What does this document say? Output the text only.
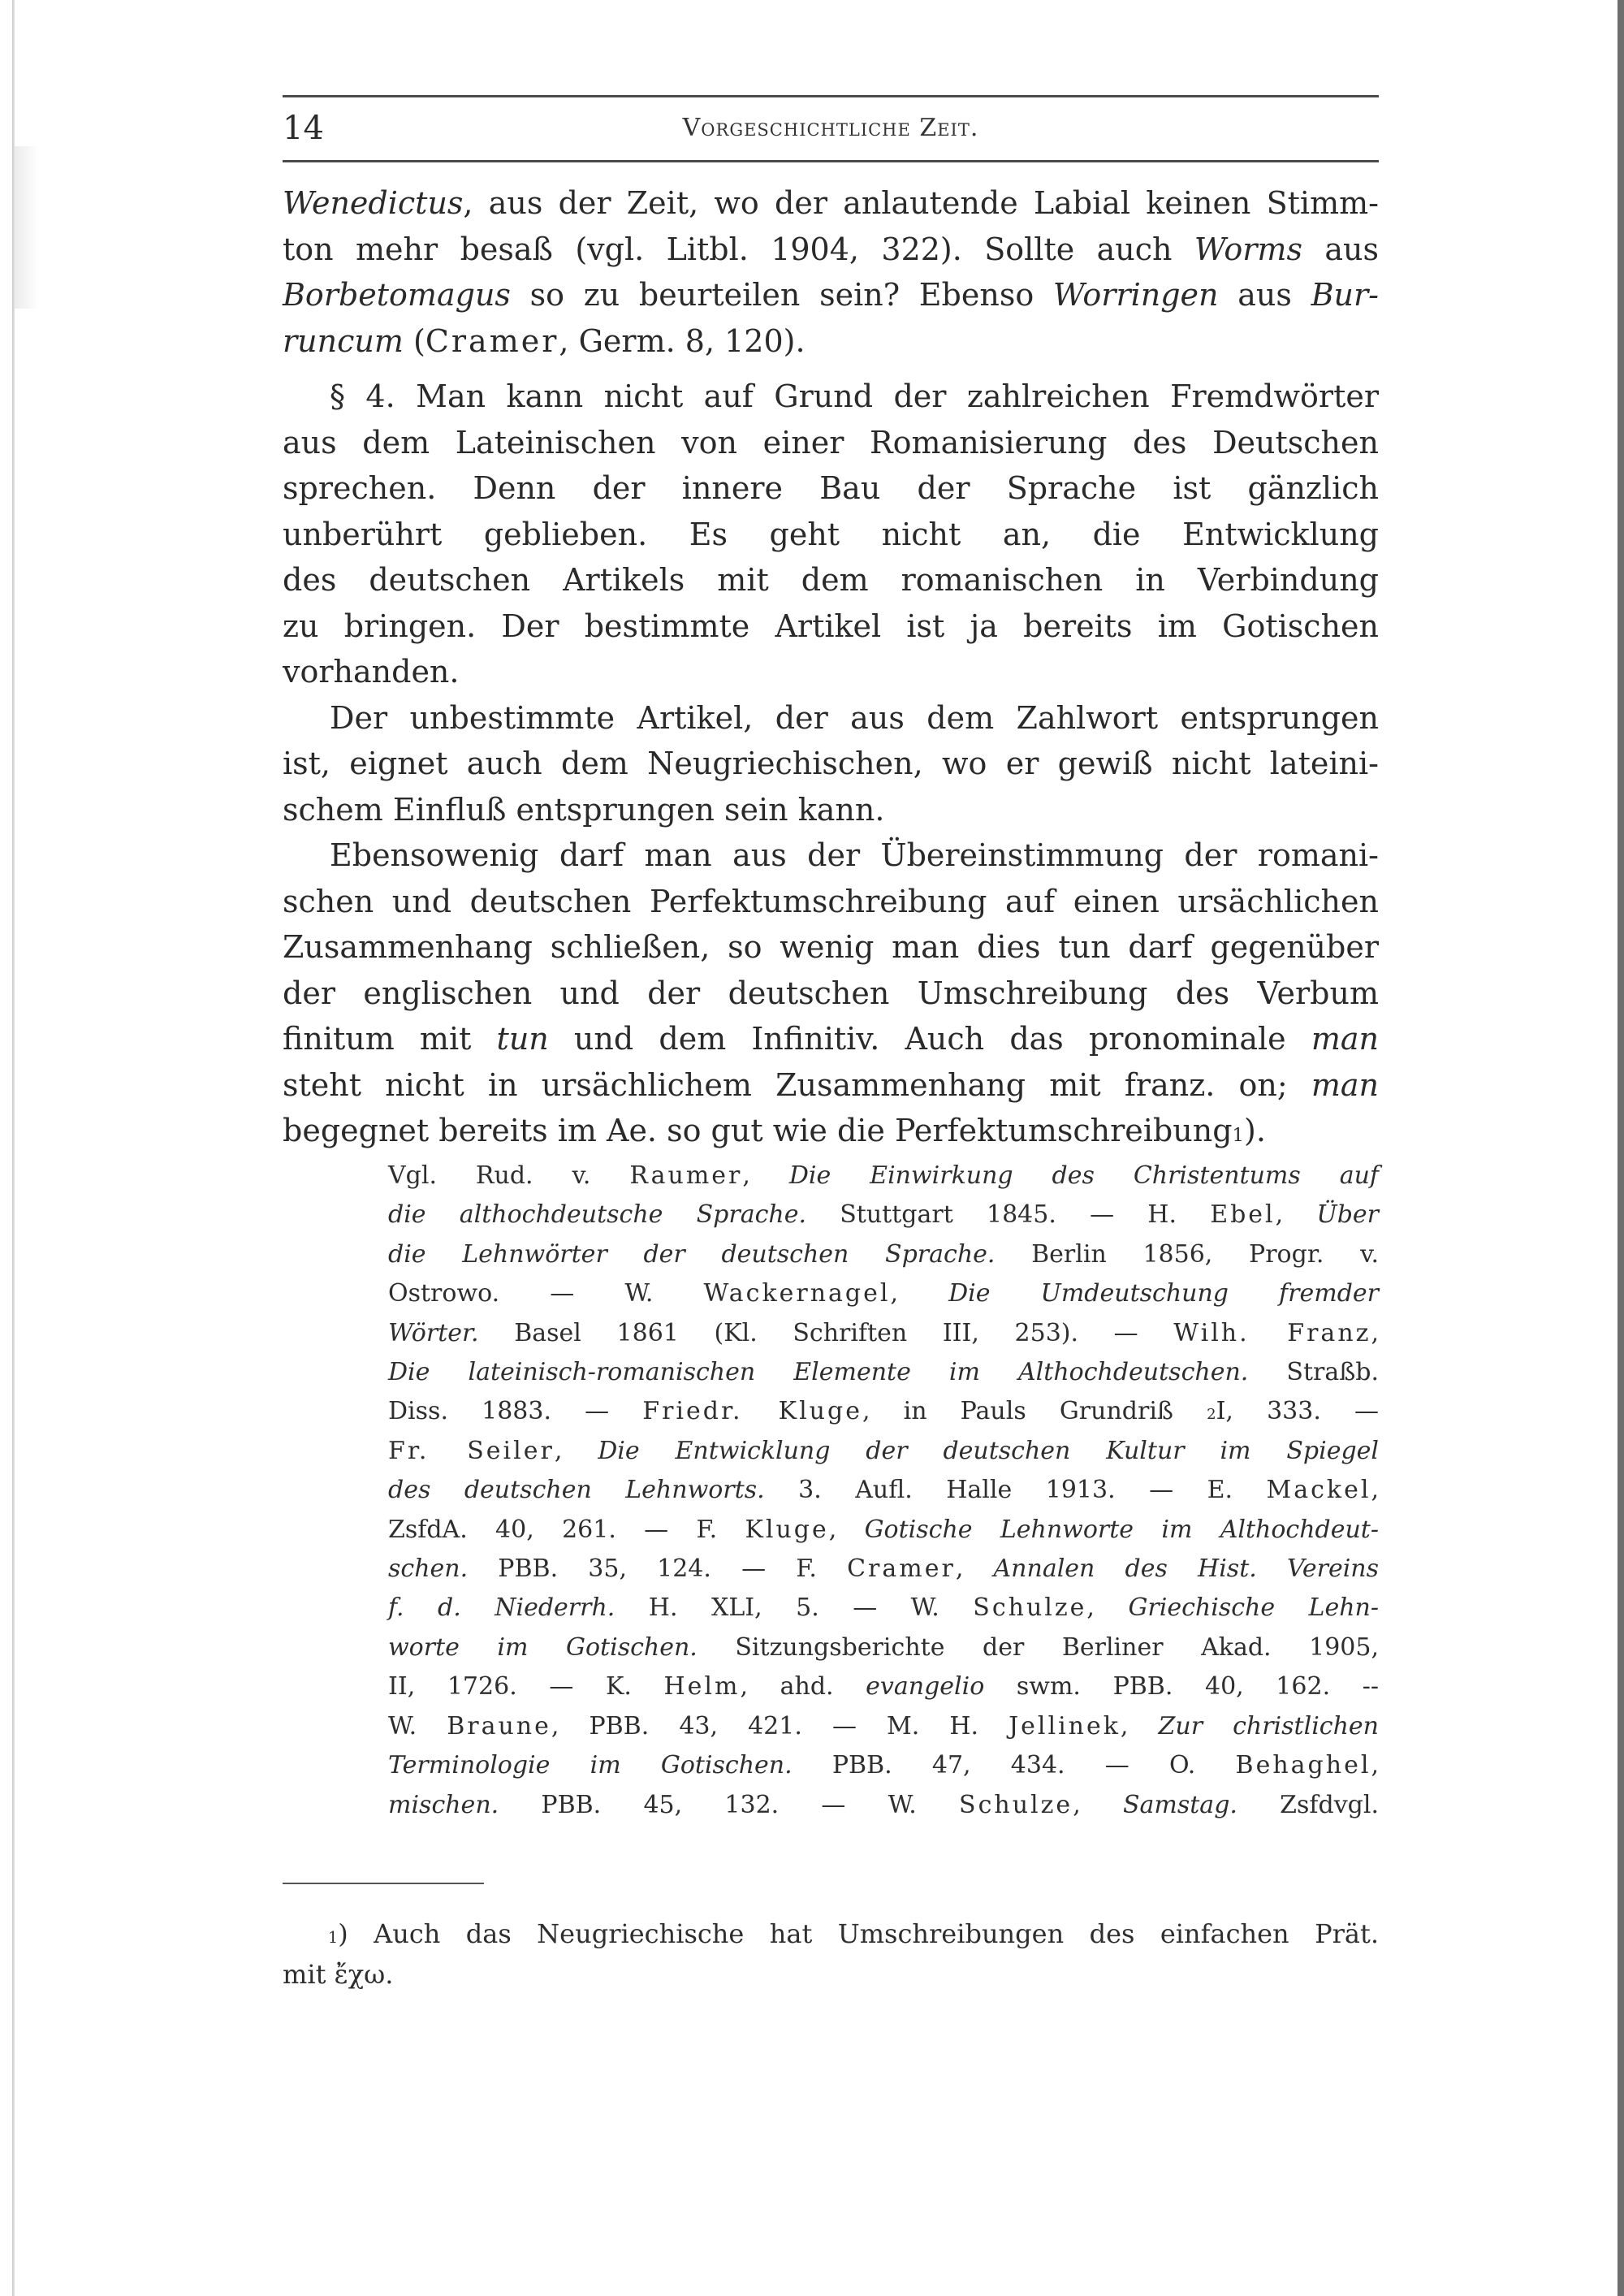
14	Vorgeschichtliche Zeit.

Wenedictus, aus der Zeit, wo der anlautende Labial keinen Stimm-
ton mehr besaß (vgl. Litbl. 1904, 322). Sollte auch Worms aus
Borbetomagus so zu beurteilen sein? Ebenso Worringen aus Bur-
runcum (Cramer, Germ. 8, 120).

§ 4. Man kann nicht auf Grund der zahlreichen Fremdwörter
aus dem Lateinischen von einer Romanisierung des Deutschen
sprechen. Denn der innere Bau der Sprache ist gänzlich
unberührt geblieben. Es geht nicht an, die Entwicklung
des deutschen Artikels mit dem romanischen in Verbindung
zu bringen. Der bestimmte Artikel ist ja bereits im Gotischen
vorhanden.

Der unbestimmte Artikel, der aus dem Zahlwort entsprungen
ist, eignet auch dem Neugriechischen, wo er gewiß nicht lateini-
schem Einfluß entsprungen sein kann.

Ebensowenig darf man aus der Übereinstimmung der romani-
schen und deutschen Perfektumschreibung auf einen ursächlichen
Zusammenhang schließen, so wenig man dies tun darf gegenüber
der englischen und der deutschen Umschreibung des Verbum
finitum mit tun und dem Infinitiv. Auch das pronominale man
steht nicht in ursächlichem Zusammenhang mit franz. on; man
begegnet bereits im Ae. so gut wie die Perfektumschreibung$^1$).

Vgl. Rud. v. Raumer, Die Einwirkung des Christentums auf
die althochdeutsche Sprache. Stuttgart 1845. — H. Ebel, Über
die Lehnwörter der deutschen Sprache. Berlin 1856, Progr. v.
Ostrowo. — W. Wackernagel, Die Umdeutschung fremder
Wörter. Basel 1861 (Kl. Schriften III, 253). — Wilh. Franz,
Die lateinisch-romanischen Elemente im Althochdeutschen. Straßb.
Diss. 1883. — Friedr. Kluge, in Pauls Grundriß $^2$I, 333. —
Fr. Seiler, Die Entwicklung der deutschen Kultur im Spiegel
des deutschen Lehnworts. 3. Aufl. Halle 1913. — E. Mackel,
ZsfdA. 40, 261. — F. Kluge, Gotische Lehnworte im Althochdeut-
schen. PBB. 35, 124. — F. Cramer, Annalen des Hist. Vereins
f. d. Niederrh. H. XLI, 5. — W. Schulze, Griechische Lehn-
worte im Gotischen. Sitzungsberichte der Berliner Akad. 1905,
II, 1726. — K. Helm, ahd. evangelio swm. PBB. 40, 162. --
W. Braune, PBB. 43, 421. — M. H. Jellinek, Zur christlichen
Terminologie im Gotischen. PBB. 47, 434. — O. Behaghel,
mischen. PBB. 45, 132. — W. Schulze, Samstag. Zsfdvgl.
$^1$) Auch das Neugriechische hat Umschreibungen des einfachen Prät.
mit ἔχω.
